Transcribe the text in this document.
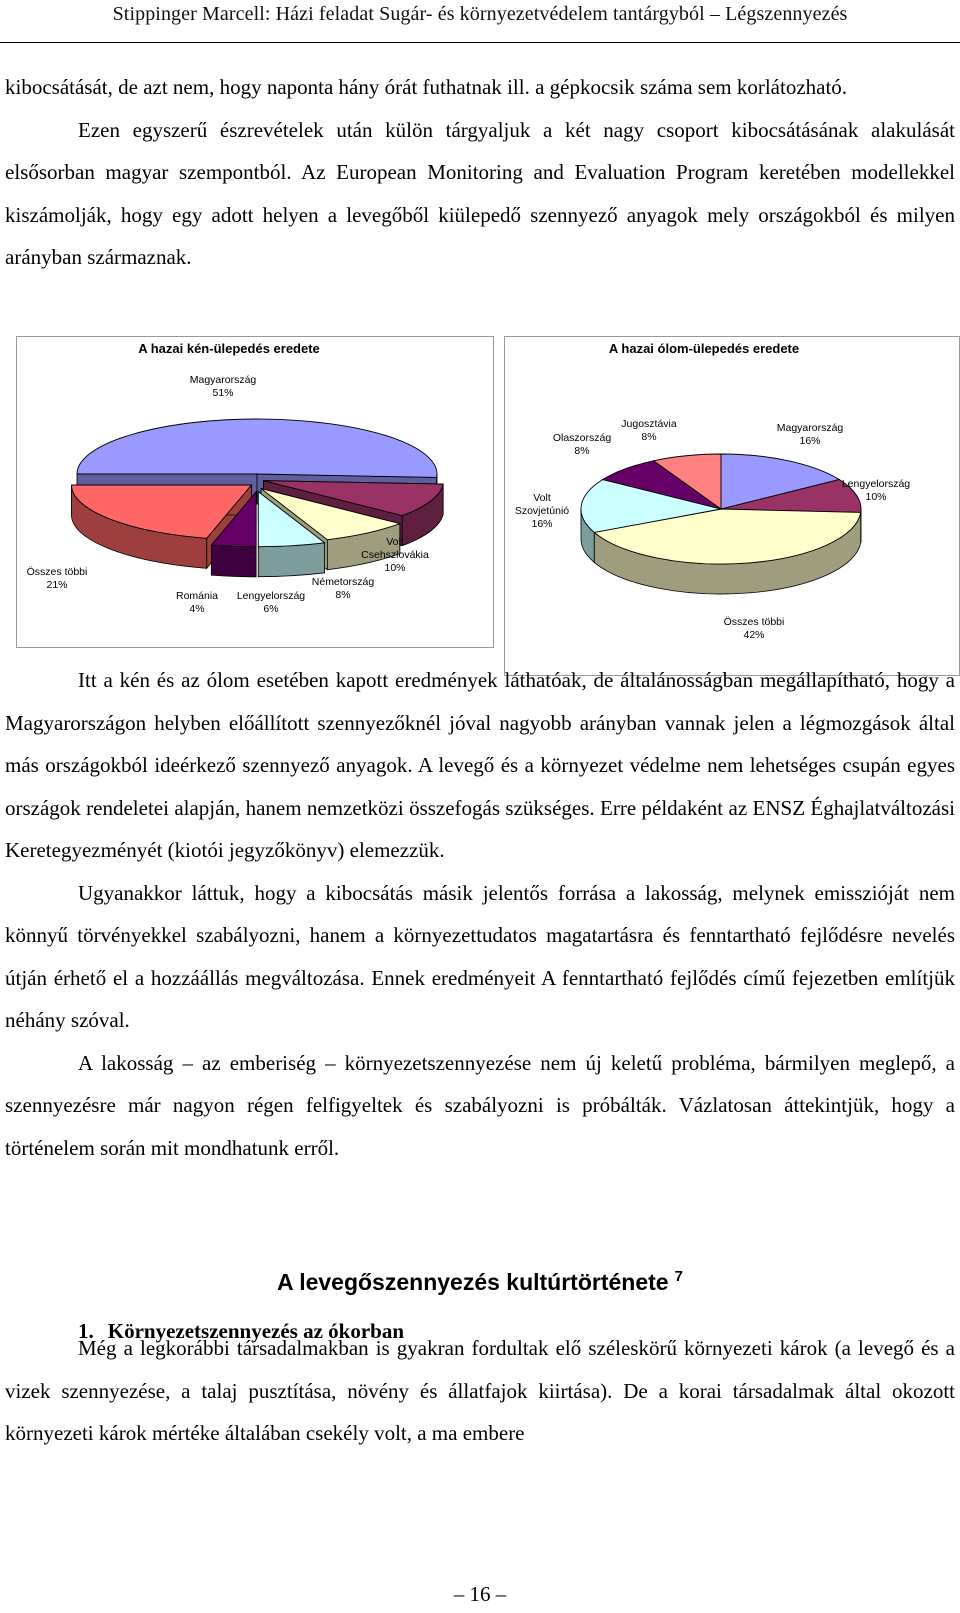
Stippinger Marcell: Házi feladat Sugár- és környezetvédelem tantárgyból – Légszennyezés

kibocsátását, de azt nem, hogy naponta hány órát futhatnak ill. a gépkocsik száma sem korlátozható.

Ezen egyszerű észrevételek után külön tárgyaljuk a két nagy csoport kibocsátásának alakulását elsősorban magyar szempontból. Az European Monitoring and Evaluation Program keretében modellekkel kiszámolják, hogy egy adott helyen a levegőből kiülepedő szennyező anyagok mely országokból és milyen arányban származnak.

A hazai kén-ülepedés eredete
Magyarország
51%
Volt
Csehszlovákia
10%
Németország
8%
Lengyelország
6%
Románia
4%
Összes többi
21%
A hazai ólom-ülepedés eredete
Magyarország
16%
Lengyelország
10%
Összes többi
42%
Volt
Szovjetúnió
16%
Olaszország
8%
Jugosztávia
8%

Itt a kén és az ólom esetében kapott eredmények láthatóak, de általánosságban megállapítható, hogy a Magyarországon helyben előállított szennyezőknél jóval nagyobb arányban vannak jelen a légmozgások által más országokból ideérkező szennyező anyagok. A levegő és a környezet védelme nem lehetséges csupán egyes országok rendeletei alapján, hanem nemzetközi összefogás szükséges. Erre példaként az ENSZ Éghajlatváltozási Keretegyezményét (kiotói jegyzőkönyv) elemezzük.

Ugyanakkor láttuk, hogy a kibocsátás másik jelentős forrása a lakosság, melynek emisszióját nem könnyű törvényekkel szabályozni, hanem a környezettudatos magatartásra és fenntartható fejlődésre nevelés útján érhető el a hozzáállás megváltozása. Ennek eredményeit A fenntartható fejlődés című fejezetben említjük néhány szóval.

A lakosság – az emberiség – környezetszennyezése nem új keletű probléma, bármilyen meglepő, a szennyezésre már nagyon régen felfigyeltek és szabályozni is próbálták. Vázlatosan áttekintjük, hogy a történelem során mit mondhatunk erről.

A levegőszennyezés kultúrtörténete $^7$
1. Környezetszennyezés az ókorban

Még a legkorábbi társadalmakban is gyakran fordultak elő széleskörű környezeti károk (a levegő és a vizek szennyezése, a talaj pusztítása, növény és állatfajok kiirtása). De a korai társadalmak által okozott környezeti károk mértéke általában csekély volt, a ma embere

– 16 –
